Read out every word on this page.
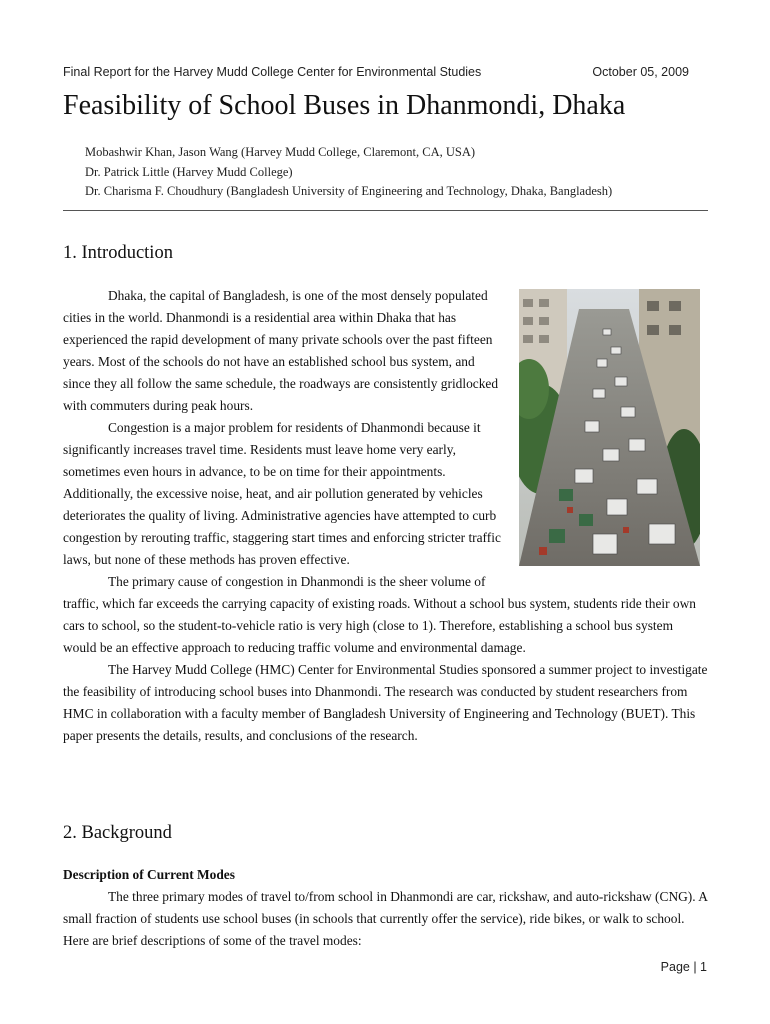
Final Report for the Harvey Mudd College Center for Environmental Studies	October 05, 2009
Feasibility of School Buses in Dhanmondi, Dhaka
Mobashwir Khan, Jason Wang (Harvey Mudd College, Claremont, CA, USA)
Dr. Patrick Little (Harvey Mudd College)
Dr. Charisma F. Choudhury (Bangladesh University of Engineering and Technology, Dhaka, Bangladesh)
1. Introduction

Dhaka, the capital of Bangladesh, is one of the most densely populated cities in the world. Dhanmondi is a residential area within Dhaka that has experienced the rapid development of many private schools over the past fifteen years. Most of the schools do not have an established school bus system, and since they all follow the same schedule, the roadways are consistently gridlocked with commuters during peak hours.

Congestion is a major problem for residents of Dhanmondi because it significantly increases travel time. Residents must leave home very early, sometimes even hours in advance, to be on time for their appointments. Additionally, the excessive noise, heat, and air pollution generated by vehicles deteriorates the quality of living. Administrative agencies have attempted to curb congestion by rerouting traffic, staggering start times and enforcing stricter traffic laws, but none of these methods has proven effective.

The primary cause of congestion in Dhanmondi is the sheer volume of traffic, which far exceeds the carrying capacity of existing roads. Without a school bus system, students ride their own cars to school, so the student-to-vehicle ratio is very high (close to 1). Therefore, establishing a school bus system would be an effective approach to reducing traffic volume and environmental damage.

The Harvey Mudd College (HMC) Center for Environmental Studies sponsored a summer project to investigate the feasibility of introducing school buses into Dhanmondi. The research was conducted by student researchers from HMC in collaboration with a faculty member of Bangladesh University of Engineering and Technology (BUET). This paper presents the details, results, and conclusions of the research.

2. Background

Description of Current Modes

The three primary modes of travel to/from school in Dhanmondi are car, rickshaw, and auto-rickshaw (CNG). A small fraction of students use school buses (in schools that currently offer the service), ride bikes, or walk to school. Here are brief descriptions of some of the travel modes:

Page | 1
